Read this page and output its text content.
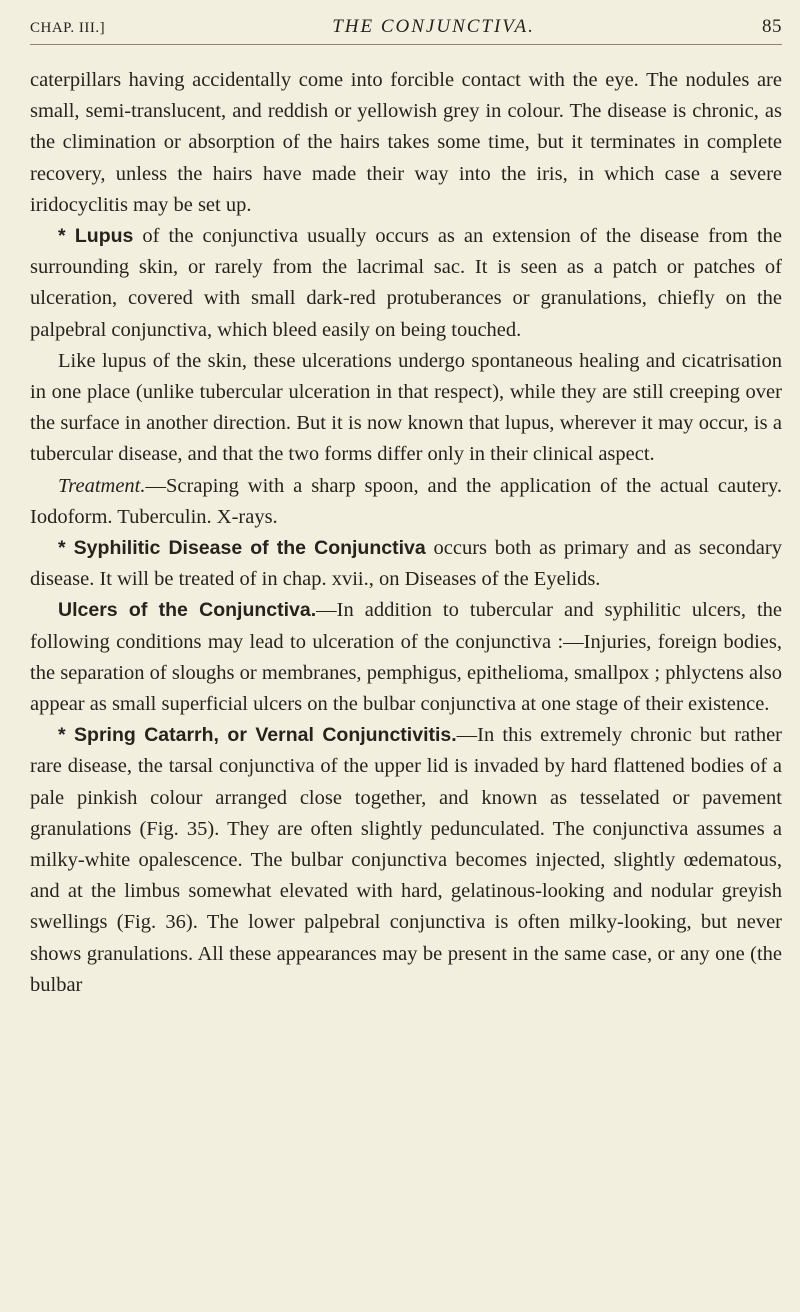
CHAP. III.]	THE CONJUNCTIVA.	85

caterpillars having accidentally come into forcible contact with the eye. The nodules are small, semi-translucent, and reddish or yellowish grey in colour. The disease is chronic, as the climination or absorption of the hairs takes some time, but it terminates in complete recovery, unless the hairs have made their way into the iris, in which case a severe iridocyclitis may be set up.

* Lupus of the conjunctiva usually occurs as an extension of the disease from the surrounding skin, or rarely from the lacrimal sac. It is seen as a patch or patches of ulceration, covered with small dark-red protuberances or granulations, chiefly on the palpebral conjunctiva, which bleed easily on being touched.

Like lupus of the skin, these ulcerations undergo spontaneous healing and cicatrisation in one place (unlike tubercular ulceration in that respect), while they are still creeping over the surface in another direction. But it is now known that lupus, wherever it may occur, is a tubercular disease, and that the two forms differ only in their clinical aspect.

Treatment.—Scraping with a sharp spoon, and the application of the actual cautery. Iodoform. Tuberculin. X-rays.

* Syphilitic Disease of the Conjunctiva occurs both as primary and as secondary disease. It will be treated of in chap. xvii., on Diseases of the Eyelids.

Ulcers of the Conjunctiva.—In addition to tubercular and syphilitic ulcers, the following conditions may lead to ulceration of the conjunctiva :—Injuries, foreign bodies, the separation of sloughs or membranes, pemphigus, epithelioma, smallpox ; phlyctens also appear as small superficial ulcers on the bulbar conjunctiva at one stage of their existence.

* Spring Catarrh, or Vernal Conjunctivitis.—In this extremely chronic but rather rare disease, the tarsal conjunctiva of the upper lid is invaded by hard flattened bodies of a pale pinkish colour arranged close together, and known as tesselated or pavement granulations (Fig. 35). They are often slightly pedunculated. The conjunctiva assumes a milky-white opalescence. The bulbar conjunctiva becomes injected, slightly œdematous, and at the limbus somewhat elevated with hard, gelatinous-looking and nodular greyish swellings (Fig. 36). The lower palpebral conjunctiva is often milky-looking, but never shows granulations. All these appearances may be present in the same case, or any one (the bulbar
